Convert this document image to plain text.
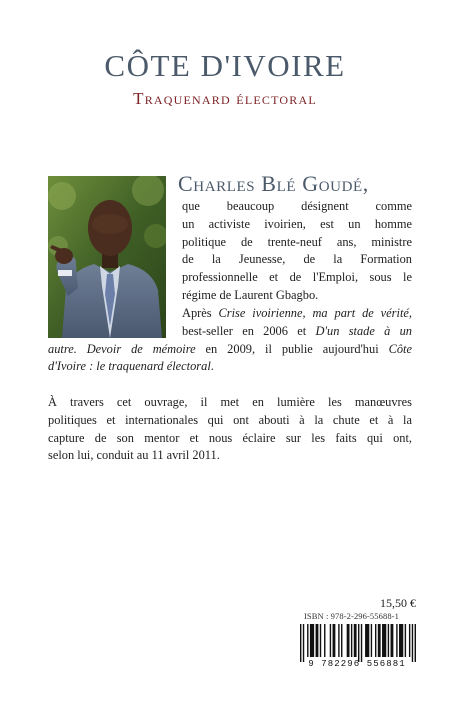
CÔTE D'IVOIRE
Traquenard électoral
Charles Blé Goudé,
que beaucoup désignent comme
un activiste ivoirien, est un homme
politique de trente-neuf ans, ministre
de la Jeunesse, de la Formation
professionnelle et de l'Emploi, sous le
régime de Laurent Gbagbo.
Après Crise ivoirienne, ma part de vérité,
best-seller en 2006 et D'un stade à un
autre. Devoir de mémoire en 2009, il publie aujourd'hui Côte
d'Ivoire : le traquenard électoral.
À travers cet ouvrage, il met en lumière les manœuvres
politiques et internationales qui ont abouti à la chute et à la
capture de son mentor et nous éclaire sur les faits qui ont,
selon lui, conduit au 11 avril 2011.
15,50 €
ISBN : 978-2-296-55688-1
9 782296 556881
